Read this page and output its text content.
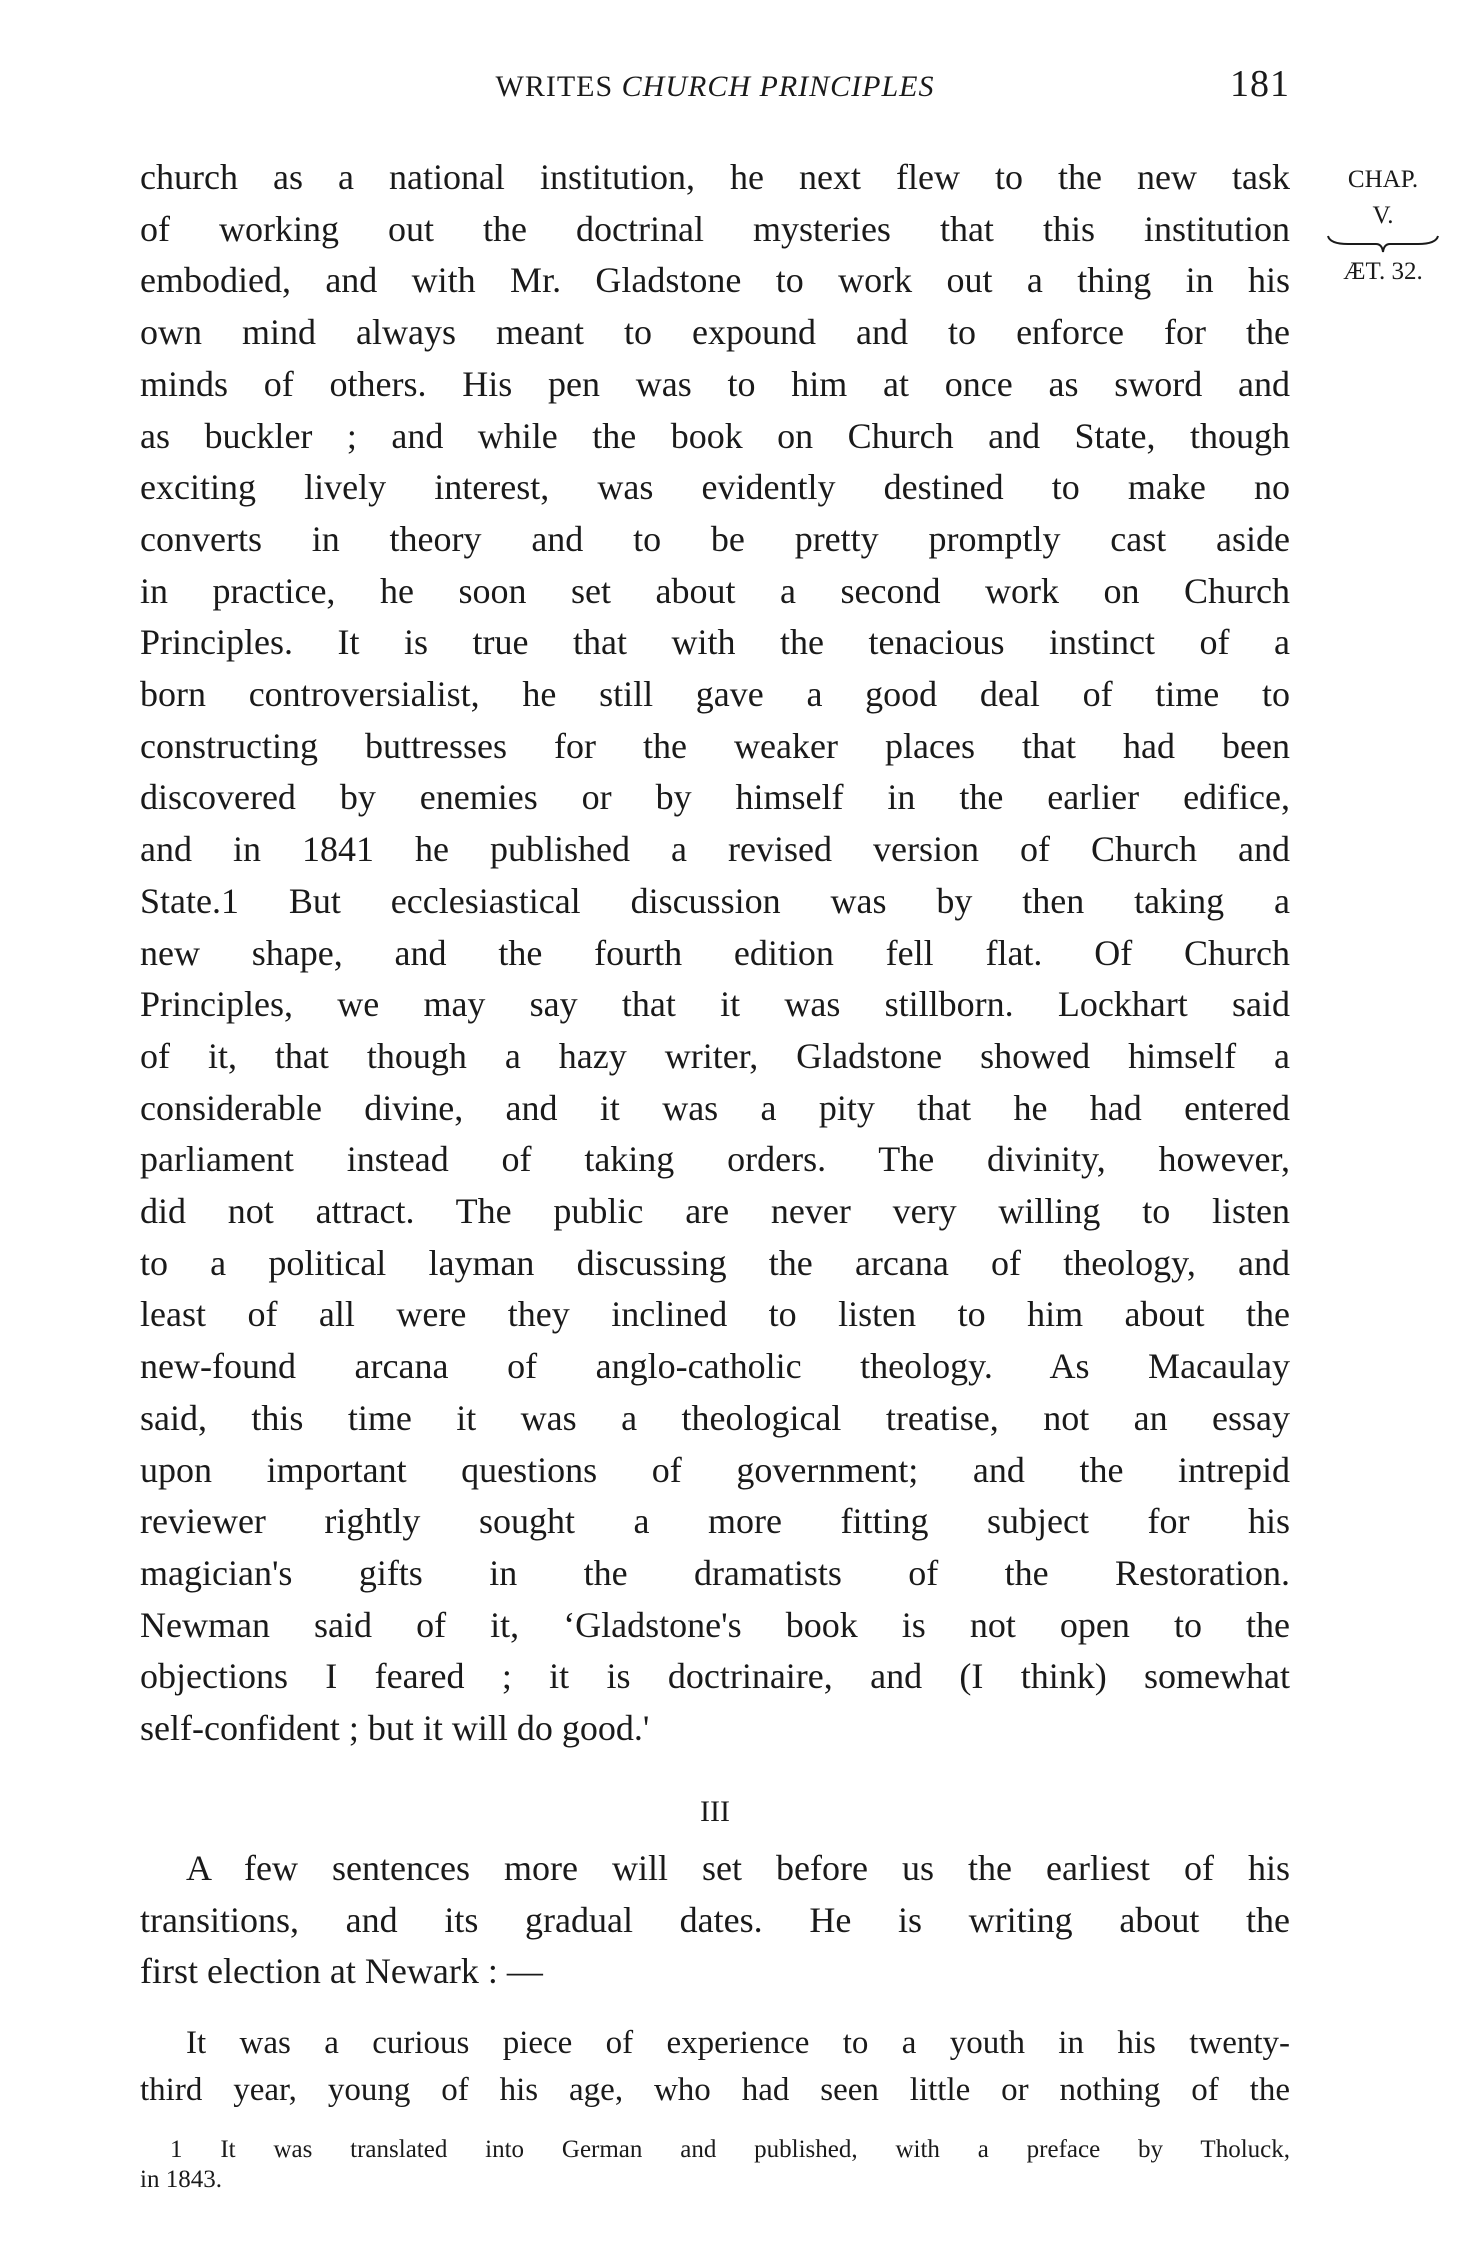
WRITES CHURCH PRINCIPLES	181
CHAP.
V.
ÆT. 32.
church as a national institution, he next flew to the new task
of working out the doctrinal mysteries that this institution
embodied, and with Mr. Gladstone to work out a thing in his
own mind always meant to expound and to enforce for the
minds of others. His pen was to him at once as sword and
as buckler ; and while the book on Church and State, though
exciting lively interest, was evidently destined to make no
converts in theory and to be pretty promptly cast aside
in practice, he soon set about a second work on Church
Principles. It is true that with the tenacious instinct of a
born controversialist, he still gave a good deal of time to
constructing buttresses for the weaker places that had been
discovered by enemies or by himself in the earlier edifice,
and in 1841 he published a revised version of Church and
State.1 But ecclesiastical discussion was by then taking a
new shape, and the fourth edition fell flat. Of Church
Principles, we may say that it was stillborn. Lockhart said
of it, that though a hazy writer, Gladstone showed himself a
considerable divine, and it was a pity that he had entered
parliament instead of taking orders. The divinity, however,
did not attract. The public are never very willing to listen
to a political layman discussing the arcana of theology, and
least of all were they inclined to listen to him about the
new-found arcana of anglo-catholic theology. As Macaulay
said, this time it was a theological treatise, not an essay
upon important questions of government; and the intrepid
reviewer rightly sought a more fitting subject for his
magician's gifts in the dramatists of the Restoration.
Newman said of it, ‘Gladstone's book is not open to the
objections I feared ; it is doctrinaire, and (I think) somewhat
self-confident ; but it will do good.'
III
A few sentences more will set before us the earliest of his
transitions, and its gradual dates. He is writing about the
first election at Newark : —
It was a curious piece of experience to a youth in his twenty-
third year, young of his age, who had seen little or nothing of the
1 It was translated into German and published, with a preface by Tholuck,
in 1843.
